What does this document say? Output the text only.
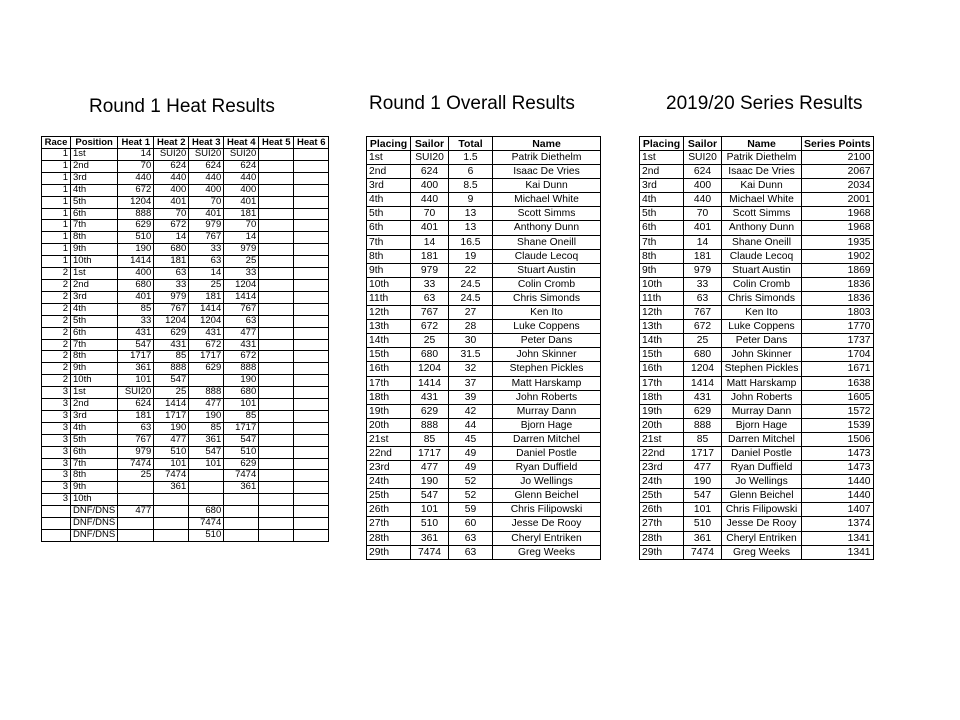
Round 1 Heat Results	Round 1 Overall Results	2019/20 Series Results
Race	Position	Heat 1	Heat 2	Heat 3	Heat 4	Heat 5	Heat 6
1	1st	14	SUI20	SUI20	SUI20		
1	2nd	70	624	624	624		
1	3rd	440	440	440	440		
1	4th	672	400	400	400		
1	5th	1204	401	70	401		
1	6th	888	70	401	181		
1	7th	629	672	979	70		
1	8th	510	14	767	14		
1	9th	190	680	33	979		
1	10th	1414	181	63	25		
2	1st	400	63	14	33		
2	2nd	680	33	25	1204		
2	3rd	401	979	181	1414		
2	4th	85	767	1414	767		
2	5th	33	1204	1204	63		
2	6th	431	629	431	477		
2	7th	547	431	672	431		
2	8th	1717	85	1717	672		
2	9th	361	888	629	888		
2	10th	101	547		190		
3	1st	SUI20	25	888	680		
3	2nd	624	1414	477	101		
3	3rd	181	1717	190	85		
3	4th	63	190	85	1717		
3	5th	767	477	361	547		
3	6th	979	510	547	510		
3	7th	7474	101	101	629		
3	8th	25	7474		7474		
3	9th		361		361		
3	10th						
	DNF/DNS	477		680			
	DNF/DNS			7474			
	DNF/DNS			510			
Placing	Sailor	Total	Name
1st	SUI20	1.5	Patrik Diethelm
2nd	624	6	Isaac De Vries
3rd	400	8.5	Kai Dunn
4th	440	9	Michael White
5th	70	13	Scott Simms
6th	401	13	Anthony Dunn
7th	14	16.5	Shane Oneill
8th	181	19	Claude Lecoq
9th	979	22	Stuart Austin
10th	33	24.5	Colin Cromb
11th	63	24.5	Chris Simonds
12th	767	27	Ken Ito
13th	672	28	Luke Coppens
14th	25	30	Peter Dans
15th	680	31.5	John Skinner
16th	1204	32	Stephen Pickles
17th	1414	37	Matt Harskamp
18th	431	39	John Roberts
19th	629	42	Murray Dann
20th	888	44	Bjorn Hage
21st	85	45	Darren Mitchel
22nd	1717	49	Daniel Postle
23rd	477	49	Ryan Duffield
24th	190	52	Jo Wellings
25th	547	52	Glenn Beichel
26th	101	59	Chris Filipowski
27th	510	60	Jesse De Rooy
28th	361	63	Cheryl Entriken
29th	7474	63	Greg Weeks
Placing	Sailor	Name	Series Points
1st	SUI20	Patrik Diethelm	2100
2nd	624	Isaac De Vries	2067
3rd	400	Kai Dunn	2034
4th	440	Michael White	2001
5th	70	Scott Simms	1968
6th	401	Anthony Dunn	1968
7th	14	Shane Oneill	1935
8th	181	Claude Lecoq	1902
9th	979	Stuart Austin	1869
10th	33	Colin Cromb	1836
11th	63	Chris Simonds	1836
12th	767	Ken Ito	1803
13th	672	Luke Coppens	1770
14th	25	Peter Dans	1737
15th	680	John Skinner	1704
16th	1204	Stephen Pickles	1671
17th	1414	Matt Harskamp	1638
18th	431	John Roberts	1605
19th	629	Murray Dann	1572
20th	888	Bjorn Hage	1539
21st	85	Darren Mitchel	1506
22nd	1717	Daniel Postle	1473
23rd	477	Ryan Duffield	1473
24th	190	Jo Wellings	1440
25th	547	Glenn Beichel	1440
26th	101	Chris Filipowski	1407
27th	510	Jesse De Rooy	1374
28th	361	Cheryl Entriken	1341
29th	7474	Greg Weeks	1341
